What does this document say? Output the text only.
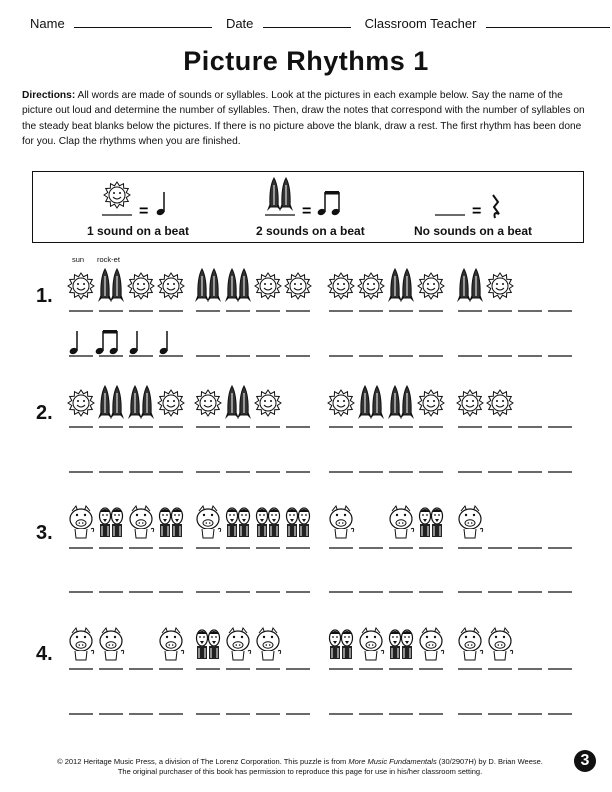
Name	Date	Classroom Teacher
Picture Rhythms 1
Directions: All words are made of sounds or syllables. Look at the pictures in each example below. Say the name of the picture out loud and determine the number of syllables. Then, draw the notes that correspond with the number of syllables on the steady beat blanks below the pictures. If there is no picture above the blank, draw a rest. The first rhythm has been done for you. Clap the rhythms when you are finished.
1 sound on a beat	2 sounds on a beat	No sounds on a beat
1.
2.
3.
4.
sun rock-et
=	=	=
© 2012 Heritage Music Press, a division of The Lorenz Corporation. This puzzle is from More Music Fundamentals (30/2907H) by D. Brian Weese.
The original purchaser of this book has permission to reproduce this page for use in his/her classroom setting.
3
